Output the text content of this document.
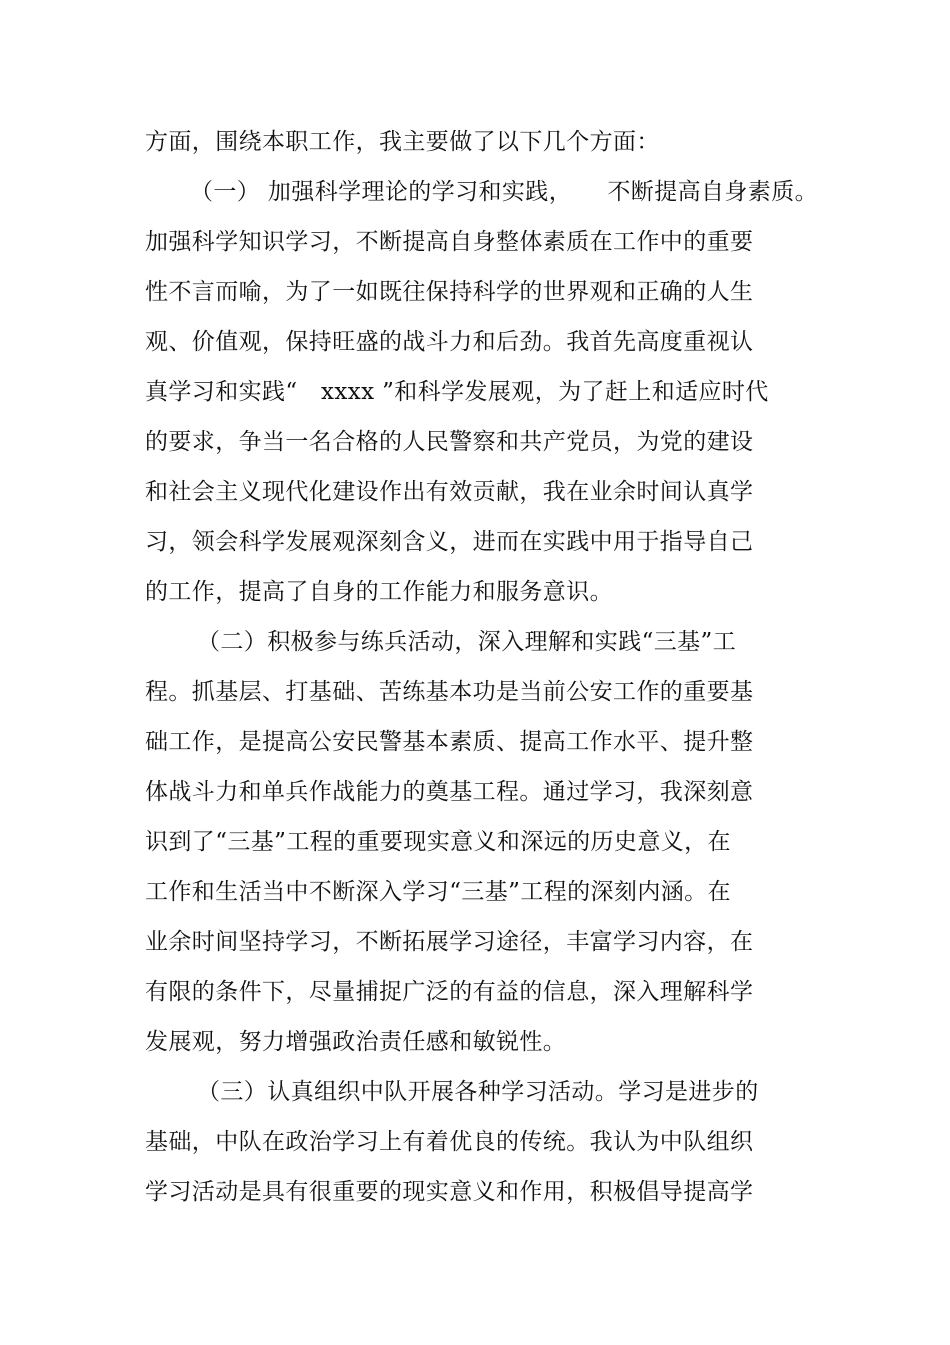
方面，围绕本职工作，我主要做了以下几个方面：
（一） 加强科学理论的学习和实践，　　不断提高自身素质。
加强科学知识学习，不断提高自身整体素质在工作中的重要
性不言而喻，为了一如既往保持科学的世界观和正确的人生
观、价值观，保持旺盛的战斗力和后劲。我首先高度重视认
真学习和实践“　xxxx ”和科学发展观，为了赶上和适应时代
的要求，争当一名合格的人民警察和共产党员，为党的建设
和社会主义现代化建设作出有效贡献，我在业余时间认真学
习，领会科学发展观深刻含义，进而在实践中用于指导自己
的工作，提高了自身的工作能力和服务意识。
（二）积极参与练兵活动，深入理解和实践“三基”工
程。抓基层、打基础、苦练基本功是当前公安工作的重要基
础工作，是提高公安民警基本素质、提高工作水平、提升整
体战斗力和单兵作战能力的奠基工程。通过学习，我深刻意
识到了“三基”工程的重要现实意义和深远的历史意义，在
工作和生活当中不断深入学习“三基”工程的深刻内涵。在
业余时间坚持学习，不断拓展学习途径，丰富学习内容，在
有限的条件下，尽量捕捉广泛的有益的信息，深入理解科学
发展观，努力增强政治责任感和敏锐性。
（三）认真组织中队开展各种学习活动。学习是进步的
基础，中队在政治学习上有着优良的传统。我认为中队组织
学习活动是具有很重要的现实意义和作用，积极倡导提高学
